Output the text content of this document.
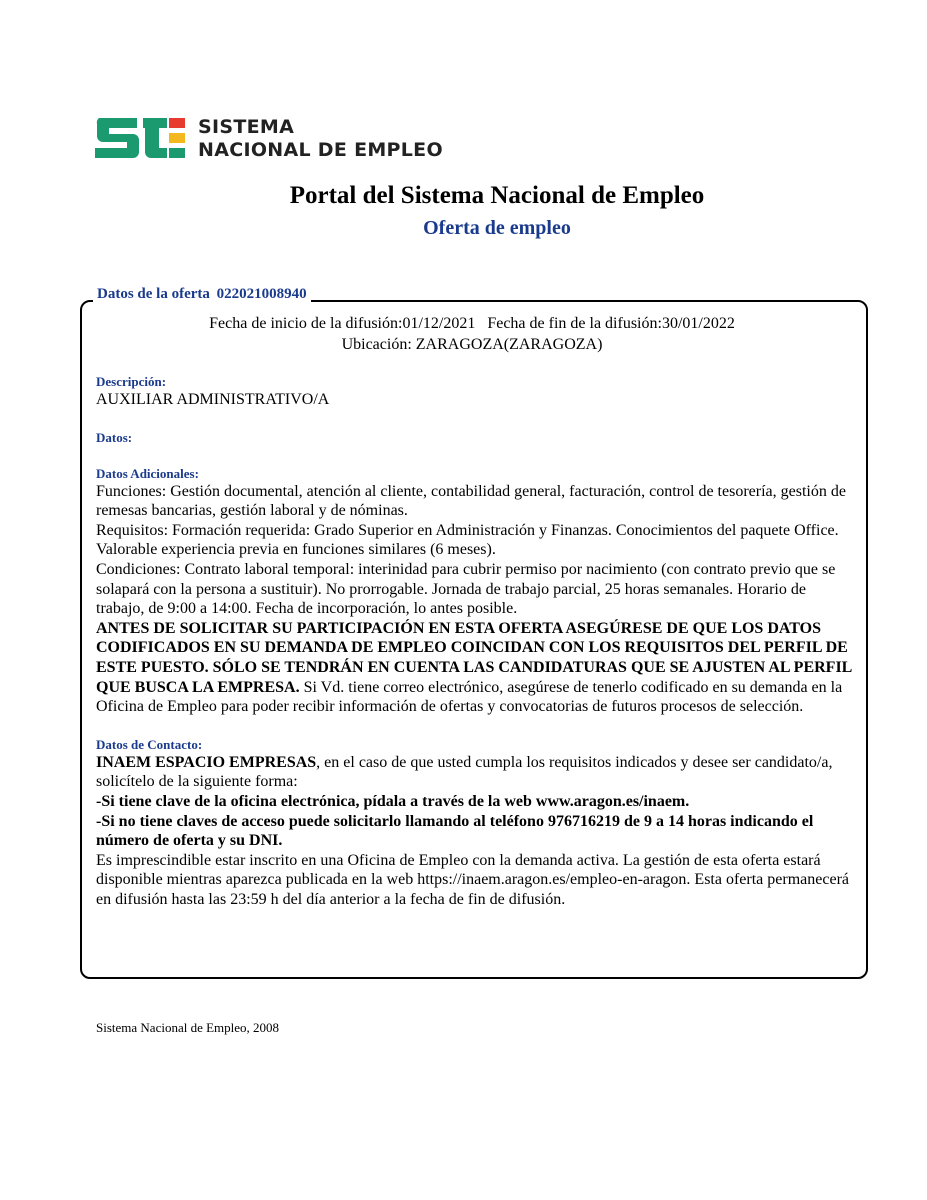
SISTEMA
NACIONAL DE EMPLEO
Portal del Sistema Nacional de Empleo
Oferta de empleo
Datos de la oferta 022021008940
Fecha de inicio de la difusión:01/12/2021   Fecha de fin de la difusión:30/01/2022
Ubicación: ZARAGOZA(ZARAGOZA)
Descripción:
AUXILIAR ADMINISTRATIVO/A
Datos:
Datos Adicionales:
Funciones: Gestión documental, atención al cliente, contabilidad general, facturación, control de tesorería, gestión de remesas bancarias, gestión laboral y de nóminas.
Requisitos: Formación requerida: Grado Superior en Administración y Finanzas. Conocimientos del paquete Office. Valorable experiencia previa en funciones similares (6 meses).
Condiciones: Contrato laboral temporal: interinidad para cubrir permiso por nacimiento (con contrato previo que se solapará con la persona a sustituir). No prorrogable. Jornada de trabajo parcial, 25 horas semanales. Horario de trabajo, de 9:00 a 14:00. Fecha de incorporación, lo antes posible.
ANTES DE SOLICITAR SU PARTICIPACIÓN EN ESTA OFERTA ASEGÚRESE DE QUE LOS DATOS CODIFICADOS EN SU DEMANDA DE EMPLEO COINCIDAN CON LOS REQUISITOS DEL PERFIL DE ESTE PUESTO. SÓLO SE TENDRÁN EN CUENTA LAS CANDIDATURAS QUE SE AJUSTEN AL PERFIL QUE BUSCA LA EMPRESA. Si Vd. tiene correo electrónico, asegúrese de tenerlo codificado en su demanda en la Oficina de Empleo para poder recibir información de ofertas y convocatorias de futuros procesos de selección.
Datos de Contacto:
INAEM ESPACIO EMPRESAS, en el caso de que usted cumpla los requisitos indicados y desee ser candidato/a, solicítelo de la siguiente forma:
-Si tiene clave de la oficina electrónica, pídala a través de la web www.aragon.es/inaem.
-Si no tiene claves de acceso puede solicitarlo llamando al teléfono 976716219 de 9 a 14 horas indicando el número de oferta y su DNI.
Es imprescindible estar inscrito en una Oficina de Empleo con la demanda activa. La gestión de esta oferta estará disponible mientras aparezca publicada en la web https://inaem.aragon.es/empleo-en-aragon. Esta oferta permanecerá en difusión hasta las 23:59 h del día anterior a la fecha de fin de difusión.
Sistema Nacional de Empleo, 2008
